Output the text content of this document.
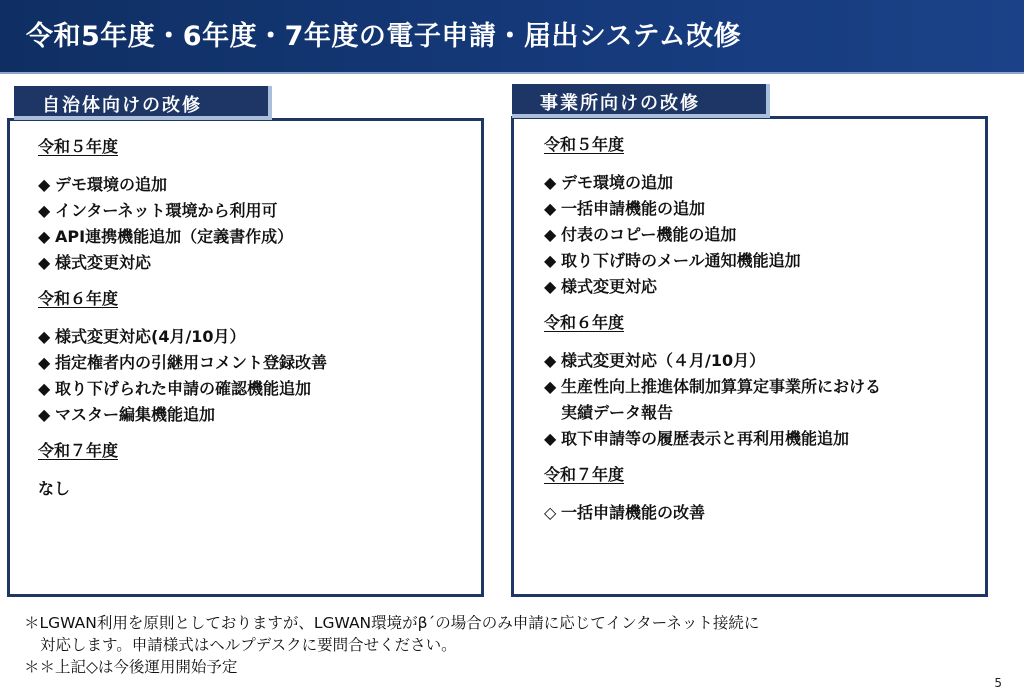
令和5年度・6年度・7年度の電子申請・届出システム改修
自治体向けの改修
令和５年度
◆ デモ環境の追加
◆ インターネット環境から利用可
◆ API連携機能追加（定義書作成）
◆ 様式変更対応
令和６年度
◆ 様式変更対応(4月/10月）
◆ 指定権者内の引継用コメント登録改善
◆ 取り下げられた申請の確認機能追加
◆ マスター編集機能追加
令和７年度
なし
事業所向けの改修
令和５年度
◆ デモ環境の追加
◆ 一括申請機能の追加
◆ 付表のコピー機能の追加
◆ 取り下げ時のメール通知機能追加
◆ 様式変更対応
令和６年度
◆ 様式変更対応（４月/10月）
◆ 生産性向上推進体制加算算定事業所における
実績データ報告
◆ 取下申請等の履歴表示と再利用機能追加
令和７年度
◇ 一括申請機能の改善
＊LGWAN利用を原則としておりますが、LGWAN環境がβ´の場合のみ申請に応じてインターネット接続に
対応します。申請様式はヘルプデスクに要問合せください。
＊＊上記◇は今後運用開始予定
5
